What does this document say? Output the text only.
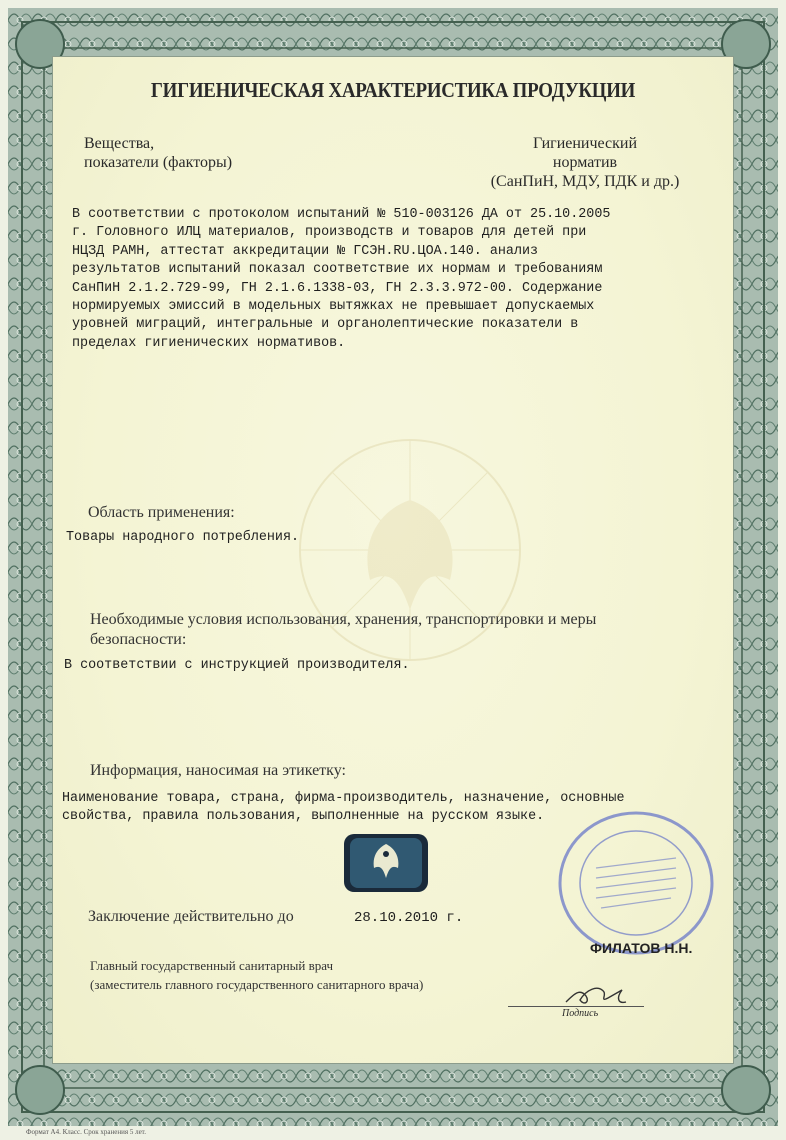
ГИГИЕНИЧЕСКАЯ ХАРАКТЕРИСТИКА ПРОДУКЦИИ
Вещества,
показатели (факторы)
Гигиенический
норматив
(СанПиН, МДУ, ПДК и др.)
В соответствии с протоколом испытаний № 510-003126 ДА от 25.10.2005
г. Головного ИЛЦ материалов, производств и товаров для детей при
НЦЗД РАМН, аттестат аккредитации № ГСЭН.RU.ЦОА.140. анализ
результатов испытаний показал соответствие их нормам и требованиям
СанПиН 2.1.2.729-99, ГН 2.1.6.1338-03, ГН 2.3.3.972-00. Содержание
нормируемых эмиссий в модельных вытяжках не превышает допускаемых
уровней миграций, интегральные и органолептические показатели в
пределах гигиенических нормативов.
Область применения:
Товары народного потребления.
Необходимые условия использования, хранения, транспортировки и меры
безопасности:
В соответствии с инструкцией производителя.
Информация, наносимая на этикетку:
Наименование товара, страна, фирма-производитель, назначение, основные
свойства, правила пользования, выполненные на русском языке.
Заключение действительно до	28.10.2010 г.
ФИЛАТОВ Н.Н.
Главный государственный санитарный врач
(заместитель главного государственного санитарного врача)
Подпись
Формат А4. Класс. Срок хранения 5 лет.
